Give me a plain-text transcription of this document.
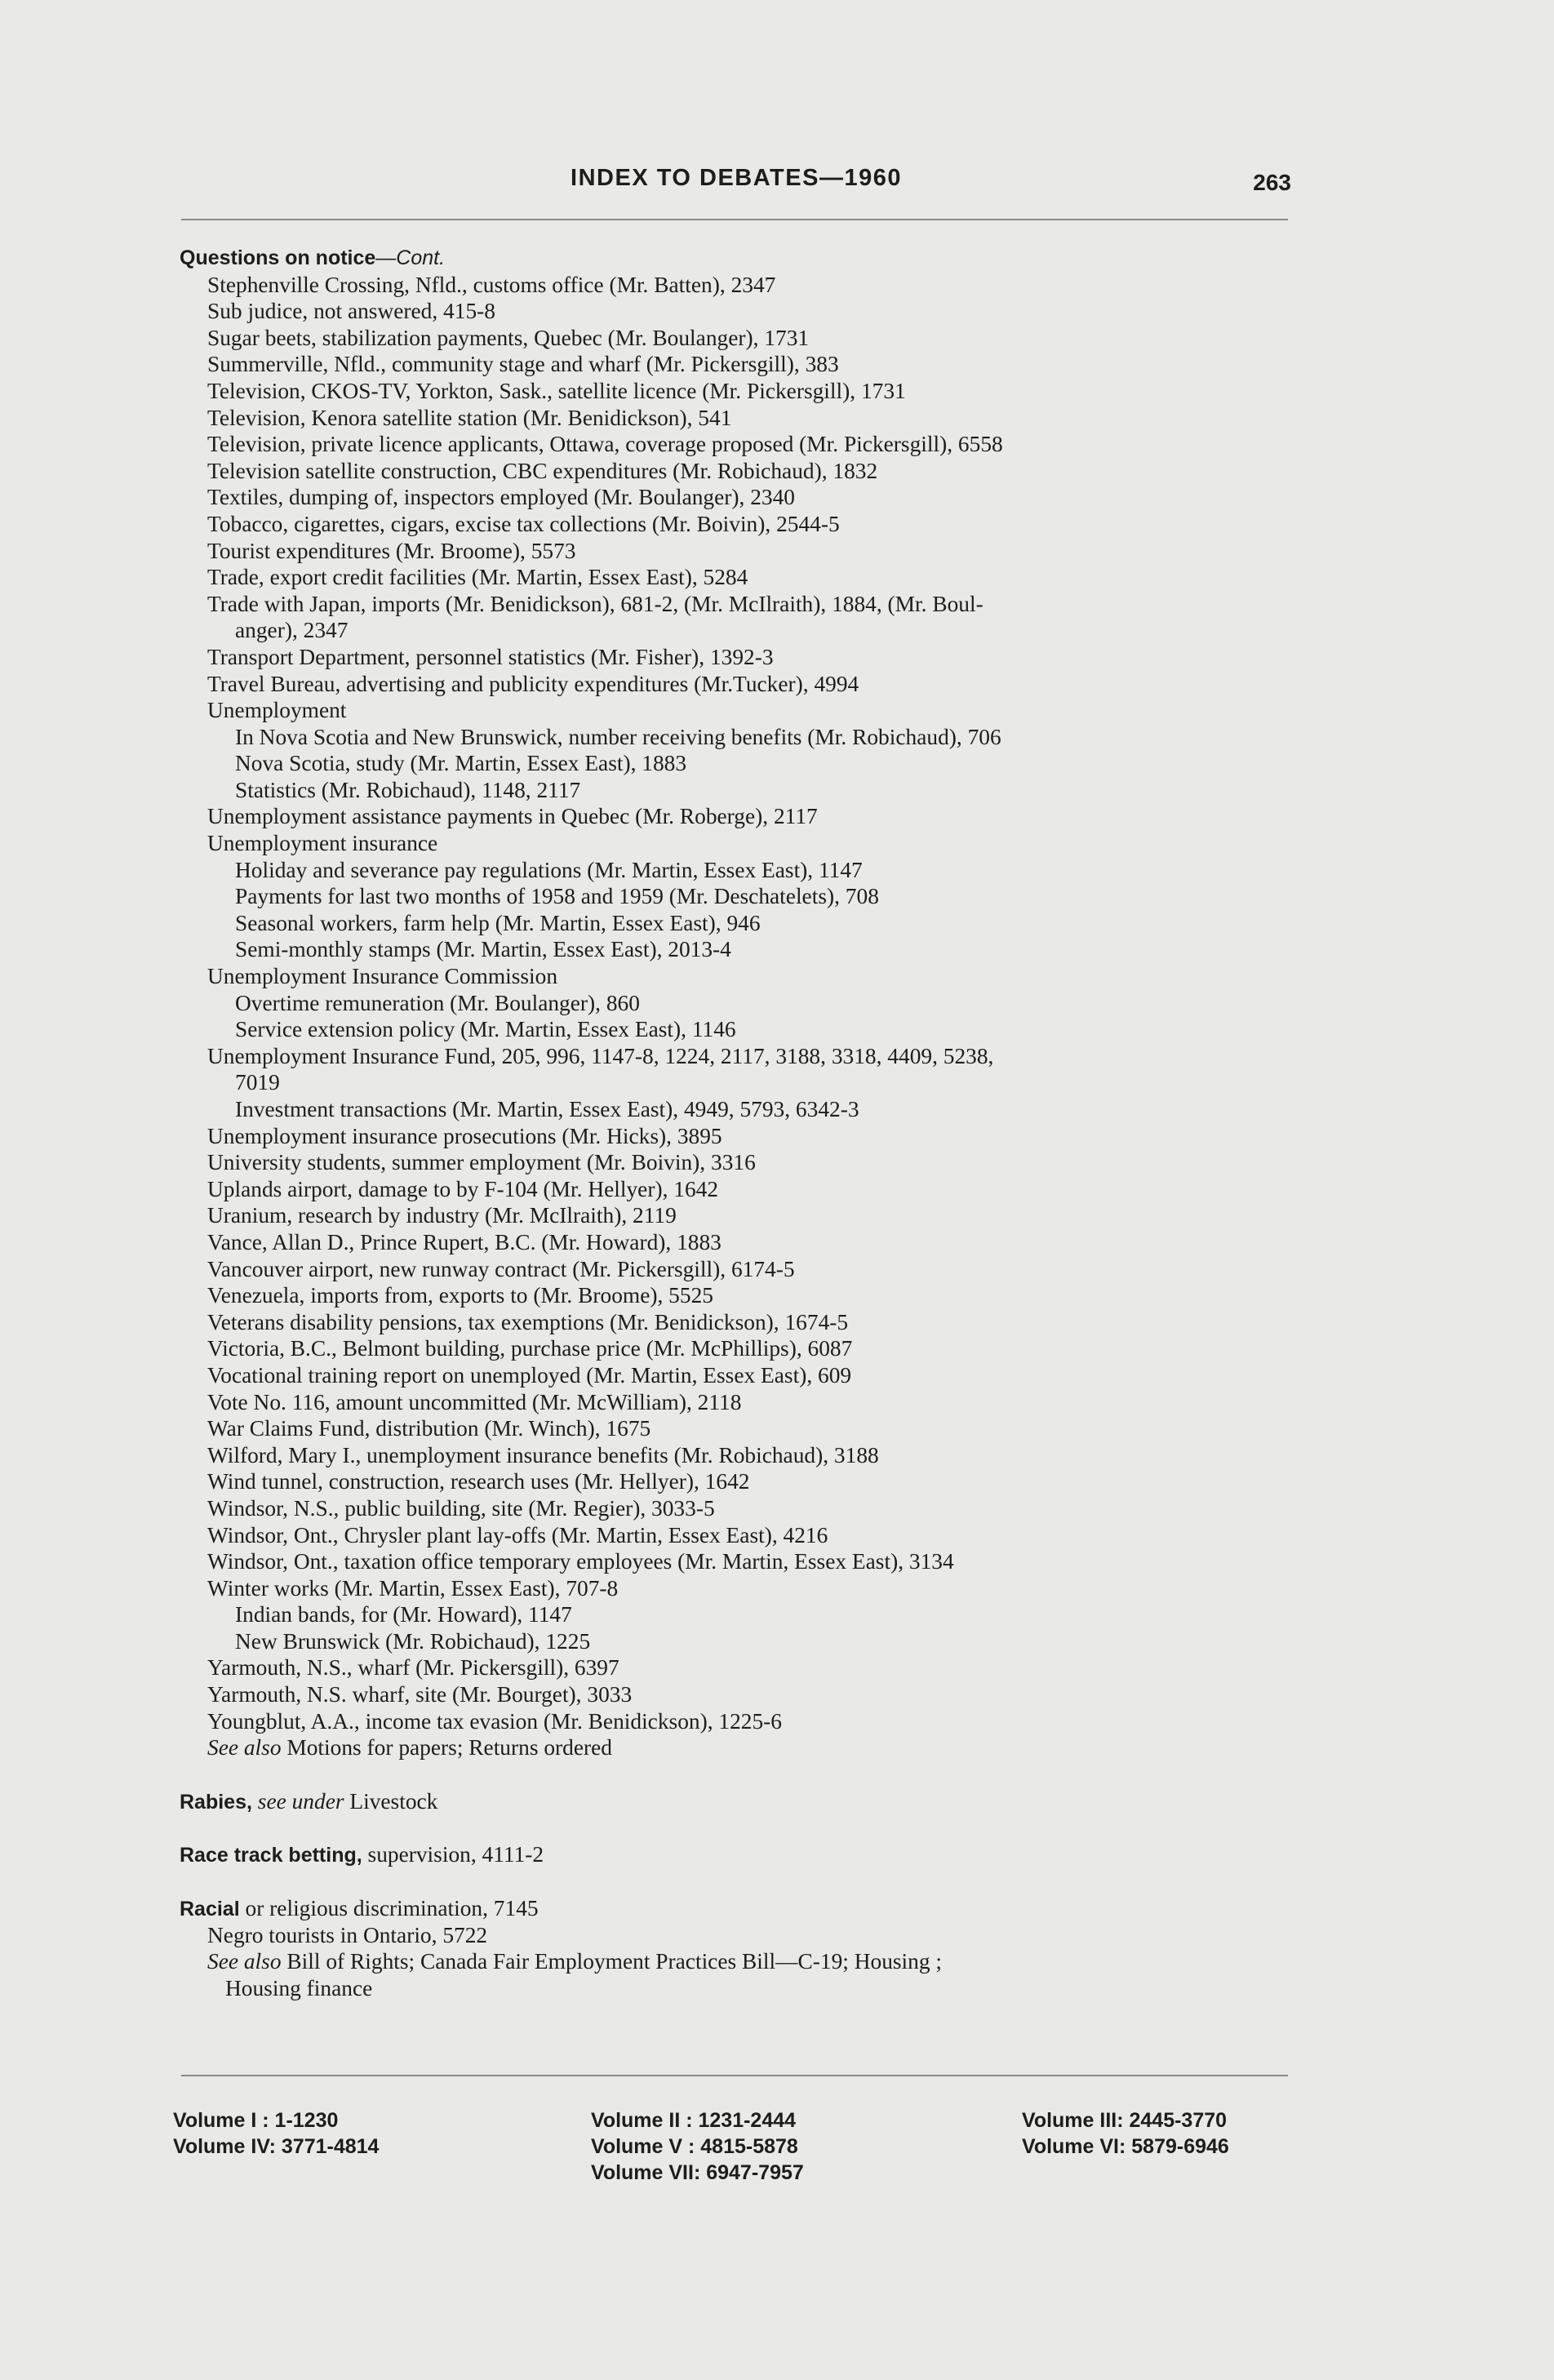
INDEX TO DEBATES—1960	263
Questions on notice—Cont.
Stephenville Crossing, Nfld., customs office (Mr. Batten), 2347
Sub judice, not answered, 415-8
Sugar beets, stabilization payments, Quebec (Mr. Boulanger), 1731
Summerville, Nfld., community stage and wharf (Mr. Pickersgill), 383
Television, CKOS-TV, Yorkton, Sask., satellite licence (Mr. Pickersgill), 1731
Television, Kenora satellite station (Mr. Benidickson), 541
Television, private licence applicants, Ottawa, coverage proposed (Mr. Pickersgill), 6558
Television satellite construction, CBC expenditures (Mr. Robichaud), 1832
Textiles, dumping of, inspectors employed (Mr. Boulanger), 2340
Tobacco, cigarettes, cigars, excise tax collections (Mr. Boivin), 2544-5
Tourist expenditures (Mr. Broome), 5573
Trade, export credit facilities (Mr. Martin, Essex East), 5284
Trade with Japan, imports (Mr. Benidickson), 681-2, (Mr. McIlraith), 1884, (Mr. Boul-
anger), 2347
Transport Department, personnel statistics (Mr. Fisher), 1392-3
Travel Bureau, advertising and publicity expenditures (Mr.Tucker), 4994
Unemployment
In Nova Scotia and New Brunswick, number receiving benefits (Mr. Robichaud), 706
Nova Scotia, study (Mr. Martin, Essex East), 1883
Statistics (Mr. Robichaud), 1148, 2117
Unemployment assistance payments in Quebec (Mr. Roberge), 2117
Unemployment insurance
Holiday and severance pay regulations (Mr. Martin, Essex East), 1147
Payments for last two months of 1958 and 1959 (Mr. Deschatelets), 708
Seasonal workers, farm help (Mr. Martin, Essex East), 946
Semi-monthly stamps (Mr. Martin, Essex East), 2013-4
Unemployment Insurance Commission
Overtime remuneration (Mr. Boulanger), 860
Service extension policy (Mr. Martin, Essex East), 1146
Unemployment Insurance Fund, 205, 996, 1147-8, 1224, 2117, 3188, 3318, 4409, 5238,
7019
Investment transactions (Mr. Martin, Essex East), 4949, 5793, 6342-3
Unemployment insurance prosecutions (Mr. Hicks), 3895
University students, summer employment (Mr. Boivin), 3316
Uplands airport, damage to by F-104 (Mr. Hellyer), 1642
Uranium, research by industry (Mr. McIlraith), 2119
Vance, Allan D., Prince Rupert, B.C. (Mr. Howard), 1883
Vancouver airport, new runway contract (Mr. Pickersgill), 6174-5
Venezuela, imports from, exports to (Mr. Broome), 5525
Veterans disability pensions, tax exemptions (Mr. Benidickson), 1674-5
Victoria, B.C., Belmont building, purchase price (Mr. McPhillips), 6087
Vocational training report on unemployed (Mr. Martin, Essex East), 609
Vote No. 116, amount uncommitted (Mr. McWilliam), 2118
War Claims Fund, distribution (Mr. Winch), 1675
Wilford, Mary I., unemployment insurance benefits (Mr. Robichaud), 3188
Wind tunnel, construction, research uses (Mr. Hellyer), 1642
Windsor, N.S., public building, site (Mr. Regier), 3033-5
Windsor, Ont., Chrysler plant lay-offs (Mr. Martin, Essex East), 4216
Windsor, Ont., taxation office temporary employees (Mr. Martin, Essex East), 3134
Winter works (Mr. Martin, Essex East), 707-8
Indian bands, for (Mr. Howard), 1147
New Brunswick (Mr. Robichaud), 1225
Yarmouth, N.S., wharf (Mr. Pickersgill), 6397
Yarmouth, N.S. wharf, site (Mr. Bourget), 3033
Youngblut, A.A., income tax evasion (Mr. Benidickson), 1225-6
See also Motions for papers; Returns ordered
Rabies, see under Livestock
Race track betting, supervision, 4111-2
Racial or religious discrimination, 7145
Negro tourists in Ontario, 5722
See also Bill of Rights; Canada Fair Employment Practices Bill—C-19; Housing ;
Housing finance
Volume I : 1-1230
Volume IV: 3771-4814
Volume II : 1231-2444
Volume V : 4815-5878
Volume VII: 6947-7957
Volume III: 2445-3770
Volume VI: 5879-6946
